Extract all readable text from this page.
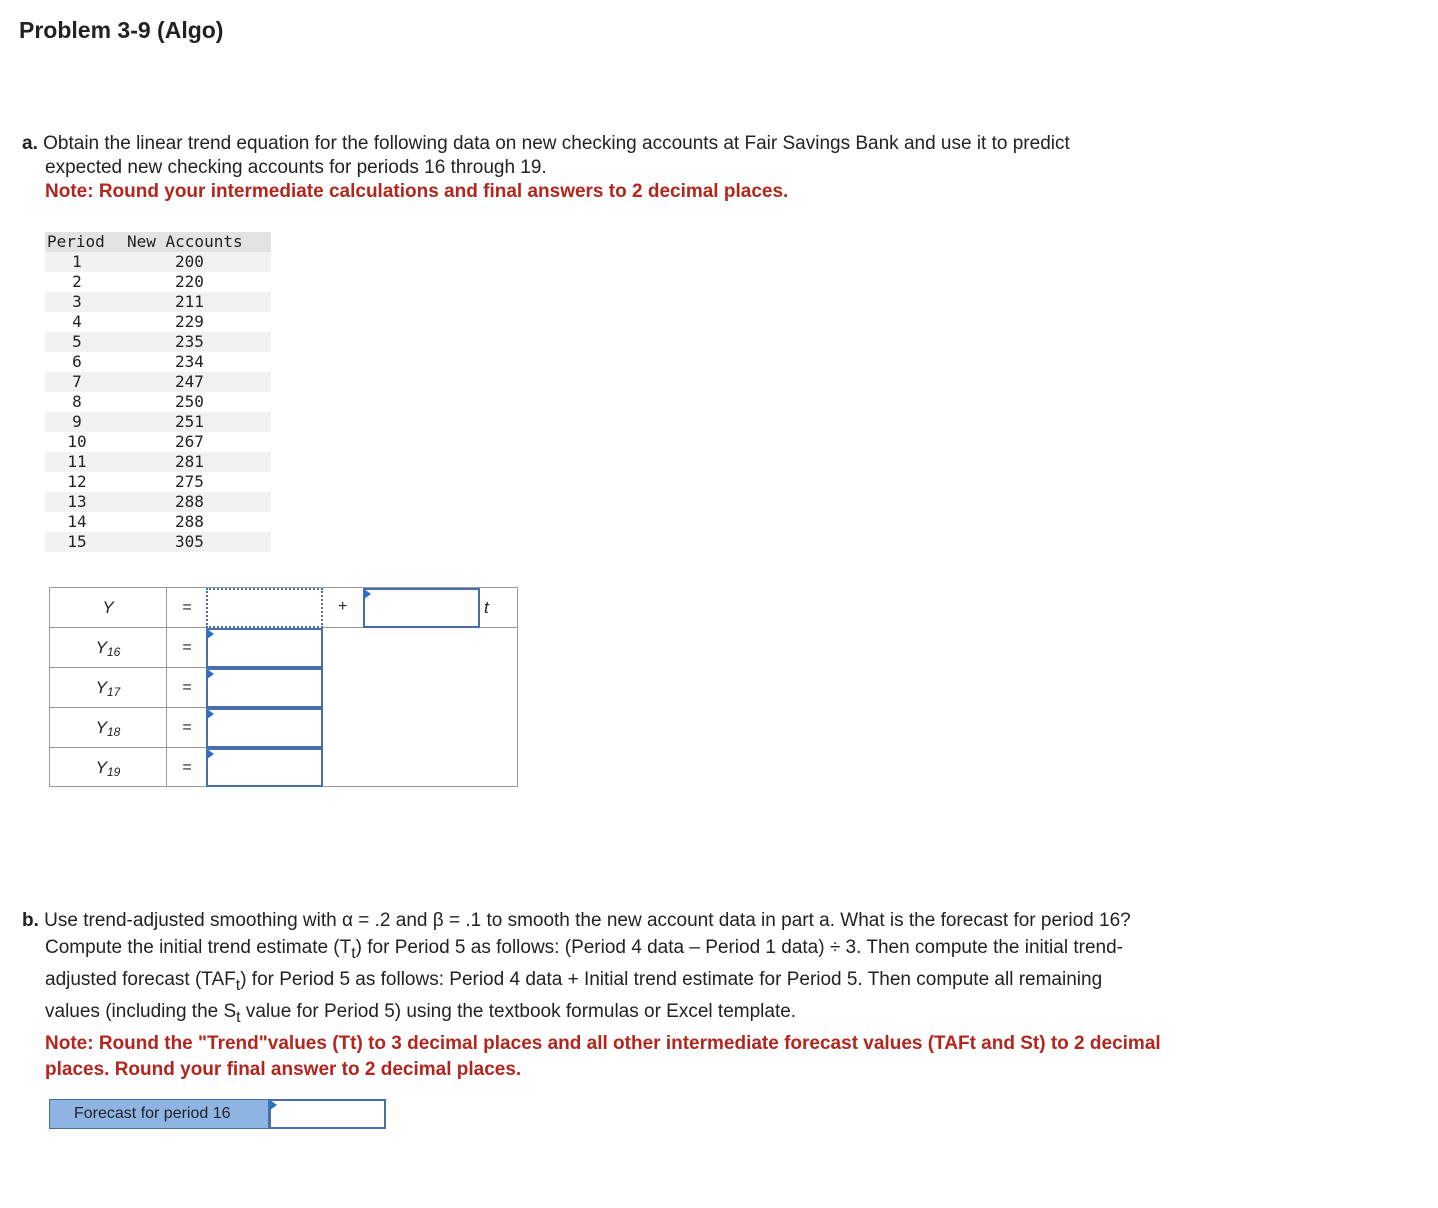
Problem 3-9 (Algo)
a. Obtain the linear trend equation for the following data on new checking accounts at Fair Savings Bank and use it to predict
expected new checking accounts for periods 16 through 19.
Note: Round your intermediate calculations and final answers to 2 decimal places.
Period	New Accounts
1	200
2	220
3	211
4	229
5	235
6	234
7	247
8	250
9	251
10	267
11	281
12	275
13	288
14	288
15	305
Y	=	+	t
$Y_{16}$	=
$Y_{17}$	=
$Y_{18}$	=
$Y_{19}$	=
b. Use trend-adjusted smoothing with α = .2 and β = .1 to smooth the new account data in part a. What is the forecast for period 16?
Compute the initial trend estimate $(T_t)$ for Period 5 as follows: (Period 4 data – Period 1 data) ÷ 3. Then compute the initial trend-
adjusted forecast $(TAF_t)$ for Period 5 as follows: Period 4 data + Initial trend estimate for Period 5. Then compute all remaining
values (including the $S_t$ value for Period 5) using the textbook formulas or Excel template.
Note: Round the "Trend"values (Tt) to 3 decimal places and all other intermediate forecast values (TAFt and St) to 2 decimal
places. Round your final answer to 2 decimal places.
Forecast for period 16
